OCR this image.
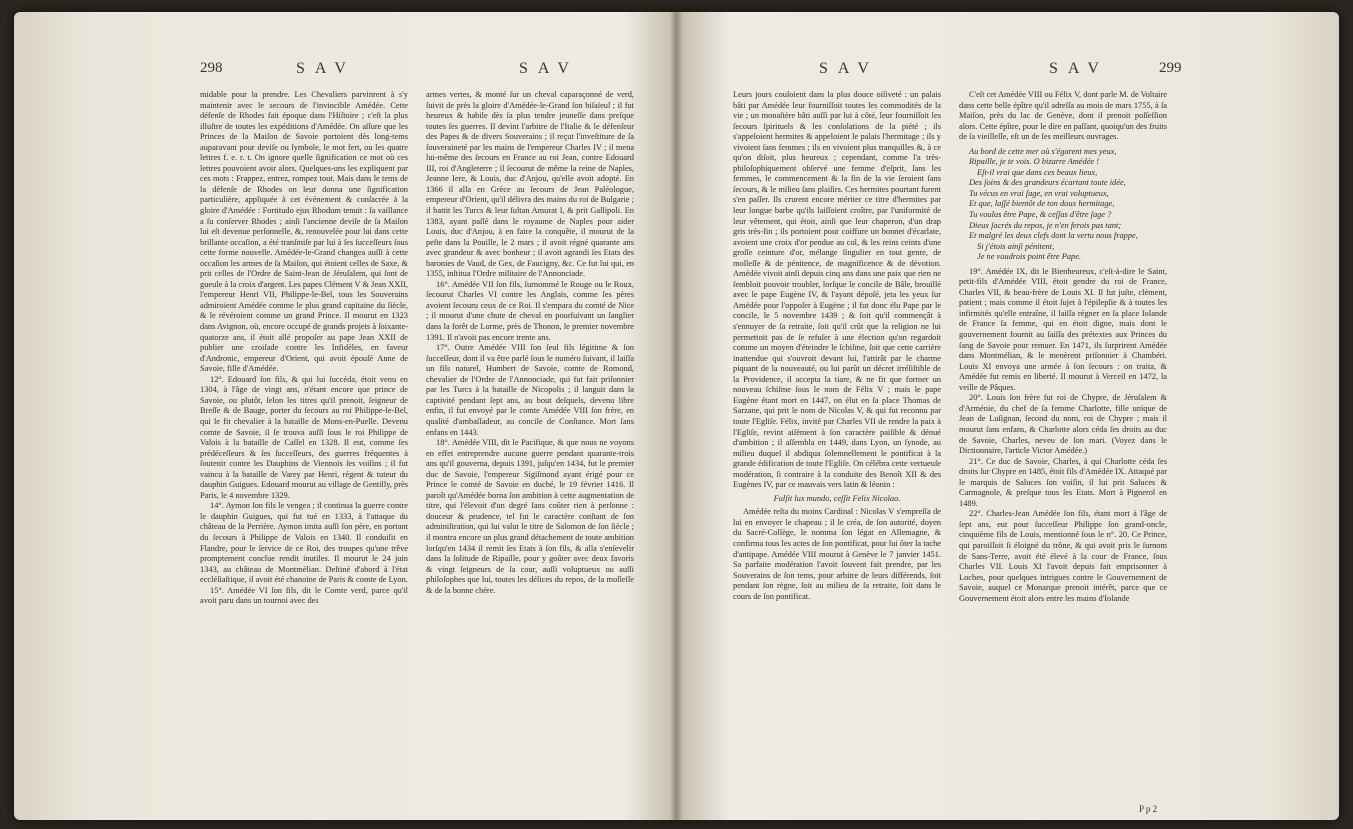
298	SAV	SAV

midable pour la prendre. Les Chevaliers parvinrent à s'y maintenir avec le secours de l'invincible Amédée. Cette défenſe de Rhodes fait époque dans l'Hiſtoire ; c'eſt la plus illuſtre de toutes les expéditions d'Amédée. On aſſure que les Princes de la Maiſon de Savoie portoient dès long-tems auparavant pour deviſe ou ſymbole, le mot fert, ou les quatre lettres f. e. r. t. On ignore quelle ſignification ce mot où ces lettres pouvoient avoir alors. Quelques-uns les expliquent par ces mots : Frappez, entrez, rompez tout. Mais dans le tems de la défenſe de Rhodes on leur donna une ſignification particulière, appliquée à cet événement & conſacrée à la gloire d'Amédée : Fortitudo ejus Rhodum tenuit : ſa vaillance a ſu conſerver Rhodes ; ainſi l'ancienne deviſe de ſa Maiſon lui eſt devenue perſonnelle, &, renouvelée pour lui dans cette brillante occaſion, a été tranſmiſe par lui à ſes ſucceſſeurs ſous cette forme nouvelle. Amédée-le-Grand changea auſſi à cette occaſion les armes de ſa Maiſon, qui étoient celles de Saxe, & prit celles de l'Ordre de Saint-Jean de Jéruſalem, qui ſont de gueule à la croix d'argent. Les papes Clément V & Jean XXII, l'empereur Henri VII, Philippe-le-Bel, tous les Souverains admiroient Amédée comme le plus grand capitaine du ſiècle, & le révéroient comme un grand Prince. Il mourut en 1323 dans Avignon, où, encore occupé de grands projets à ſoixante-quatorze ans, il étoit allé propoſer au pape Jean XXII de publier une croiſade contre les Infidèles, en faveur d'Andronic, empereur d'Orient, qui avoit épouſé Anne de Savoie, fille d'Amédée.

12°. Edouard ſon fils, & qui lui ſuccéda, étoit venu en 1304, à l'âge de vingt ans, n'étant encore que prince de Savoie, ou plutôt, ſelon les titres qu'il prenoit, ſeigneur de Breſſe & de Bauge, porter du ſecours au roi Philippe-le-Bel, qui le fit chevalier à la bataille de Mons-en-Puelle. Devenu comte de Savoie, il ſe trouva auſſi ſous le roi Philippe de Valois à la bataille de Caſſel en 1328. Il eut, comme ſes prédéceſſeurs & ſes ſucceſſeurs, des guerres fréquentes à ſoutenir contre les Dauphins de Viennois ſes voiſins ; il fut vaincu à la bataille de Varey par Henri, régent & tuteur du dauphin Guigues. Edouard mourut au village de Gentilly, près Paris, le 4 novembre 1329.

14°. Aymon ſon fils le vengea ; il continua la guerre contre le dauphin Guigues, qui fut tué en 1333, à l'attaque du château de la Perrière. Aymon imita auſſi ſon père, en portant du ſecours à Philippe de Valois en 1340. Il conduiſit en Flandre, pour le ſervice de ce Roi, des troupes qu'une trêve promptement conclue rendit inutiles. Il mourut le 24 juin 1343, au château de Montmélian. Deſtiné d'abord à l'état eccléſiaſtique, il avoit été chanoine de Paris & comte de Lyon.

15°. Amédée VI ſon fils, dit le Comte verd, parce qu'il avoit paru dans un tournoi avec des

armes vertes, & monté ſur un cheval caparaçonné de verd, ſuivit de près la gloire d'Amédée-le-Grand ſon biſaïeul ; il fut heureux & habile dès ſa plus tendre jeuneſſe dans preſque toutes ſes guerres. Il devint l'arbitre de l'Italie & le défenſeur des Papes & de divers Souverains ; il reçut l'inveſtiture de ſa ſouveraineté par les mains de l'empereur Charles IV ; il mena lui-même des ſecours en France au roi Jean, contre Edouard III, roi d'Angleterre ; il ſecourut de même la reine de Naples, Jeanne Iere, & Louis, duc d'Anjou, qu'elle avoit adopté. En 1366 il alla en Grèce au ſecours de Jean Paléologue, empereur d'Orient, qu'il délivra des mains du roi de Bulgarie ; il battit les Turcs & leur ſultan Amurat I, & prit Gallipoli. En 1383, ayant paſſé dans le royaume de Naples pour aider Louis, duc d'Anjou, à en faire la conquête, il mourut de la peſte dans la Pouille, le 2 mars ; il avoit régné quarante ans avec grandeur & avec bonheur ; il avoit agrandi ſes Etats des baronies de Vaud, de Gex, de Faucigny, &c. Ce fut lui qui, en 1355, inſtitua l'Ordre militaire de l'Annonciade.

16°. Amédée VII ſon fils, ſurnommé le Rouge ou le Roux, ſecourut Charles VI contre les Anglais, comme ſes pères avoient ſecouru ceux de ce Roi. Il s'empara du comté de Nice ; il mourut d'une chute de cheval en pourſuivant un ſanglier dans la forêt de Lorme, près de Thonon, le premier novembre 1391. Il n'avoit pas encore trente ans.

17°. Outre Amédée VIII ſon ſeul fils légitime & ſon ſucceſſeur, dont il va être parlé ſous le numéro ſuivant, il laiſſa un fils naturel, Humbert de Savoie, comte de Romond, chevalier de l'Ordre de l'Annonciade, qui fut fait priſonnier par les Turcs à la bataille de Nicopolis ; il languit dans la captivité pendant ſept ans, au bout deſquels, devenu libre enfin, il fut envoyé par le comte Amédée VIII ſon frère, en qualité d'ambaſſadeur, au concile de Conſtance. Mort ſans enfans en 1443.

18°. Amédée VIII, dit le Pacifique, & que nous ne voyons en effet entreprendre aucune guerre pendant quarante-trois ans qu'il gouverna, depuis 1391, juſqu'en 1434, fut le premier duc de Savoie, l'empereur Sigiſmond ayant érigé pour ce Prince le comté de Savoie en duché, le 19 février 1416. Il paroît qu'Amédée borna ſon ambition à cette augmentation de titre, qui l'élevoit d'un degré ſans coûter rien à perſonne : douceur & prudence, tel fut le caractère conſtant de ſon adminiſtration, qui lui valut le titre de Salomon de ſon ſiècle ; il montra encore un plus grand détachement de toute ambition lorſqu'en 1434 il remit ſes Etats à ſon fils, & alla s'enſevelir dans la ſolitude de Ripaille, pour y goûter avec deux favoris & vingt ſeigneurs de ſa cour, auſſi voluptueux ou auſſi philoſophes que lui, toutes les délices du repos, de la molleſſe & de la bonne chère.

SAV	SAV	299

Leurs jours couloient dans la plus douce oiſiveté : un palais bâti par Amédée leur fourniſſoit toutes les commodités de la vie ; un monaſtère bâti auſſi par lui à côté, leur fourniſſoit les ſecours ſpirituels & les conſolations de la piété ; ils s'appeloient hermites & appeloient le palais l'hermitage ; ils y vivoient ſans femmes ; ils en vivoient plus tranquilles &, à ce qu'on diſoit, plus heureux ; cependant, comme l'a très-philoſophiquement obſervé une femme d'eſprit, ſans les femmes, le commencement & la fin de la vie ſeroient ſans ſecours, & le milieu ſans plaiſirs. Ces hermites pourtant furent s'en paſſer. Ils crurent encore mériter ce titre d'hermites par leur longue barbe qu'ils laiſſoient croître, par l'uniformité de leur vêtement, qui étoit, ainſi que leur chaperon, d'un drap gris très-fin ; ils portoient pour coiffure un bonnet d'écarlate, avoient une croix d'or pendue au col, & les reins ceints d'une groſſe ceinture d'or, mélange ſingulier en tout genre, de molleſſe & de pénitence, de magnificence & de dévotion. Amédée vivoit ainſi depuis cinq ans dans une paix que rien ne ſembloit pouvoir troubler, lorſque le concile de Bâle, brouillé avec le pape Eugène IV, & l'ayant dépoſé, jeta les yeux ſur Amédée pour l'oppoſer à Eugène ; il fut donc élu Pape par le concile, le 5 novembre 1439 ; & ſoit qu'il commençât à s'ennuyer de ſa retraite, ſoit qu'il crût que la religion ne lui permettoit pas de ſe refuſer à une élection qu'on regardoit comme un moyen d'éteindre le ſchiſme, ſoit que cette carrière inattendue qui s'ouvroit devant lui, l'attirât par le charme piquant de la nouveauté, ou lui parût un décret irréſiſtible de la Providence, il accepta la tiare, & ne fit que former un nouveau ſchiſme ſous le nom de Félix V ; mais le pape Eugène étant mort en 1447, on élut en ſa place Thomas de Sarzane, qui prit le nom de Nicolas V, & qui fut reconnu par toute l'Egliſe. Félix, invité par Charles VII de rendre la paix à l'Egliſe, revint aiſément à ſon caractère paiſible & dénué d'ambition ; il aſſembla en 1449, dans Lyon, un ſynode, au milieu duquel il abdiqua ſolemnellement le pontificat à la grande édification de toute l'Egliſe. On célébra cette vertueuſe modération, ſi contraire à la conduite des Benoît XII & des Eugènes IV, par ce mauvais vers latin & léonin :

Fulſit lux mundo, ceſſit Felix Nicolao.

Amédée reſta du moins Cardinal : Nicolas V s'empreſſa de lui en envoyer le chapeau ; il le créa, de ſon autorité, doyen du Sacré-Collège, le nomma ſon légat en Allemagne, & confirma tous les actes de ſon pontificat, pour lui ôter la tache d'antipape. Amédée VIII mourut à Genève le 7 janvier 1451. Sa parfaite modération l'avoit ſouvent fait prendre, par les Souverains de ſon tems, pour arbitre de leurs différends, ſoit pendant ſon règne, ſoit au milieu de ſa retraite, ſoit dans le cours de ſon pontificat.

C'eſt cet Amédée VIII ou Félix V, dont parle M. de Voltaire dans cette belle épître qu'il adreſſa au mois de mars 1755, à ſa Maiſon, près du lac de Genève, dont il prenoit poſſeſſion alors. Cette épître, pour le dire en paſſant, quoiqu'un des fruits de ſa vieilleſſe, eſt un de ſes meilleurs ouvrages.

Au bord de cette mer où s'égarent mes yeux,
Ripaille, je te vois. O bizarre Amédée !
Eſt-il vrai que dans ces beaux lieux,
Des ſoins & des grandeurs écartant toute idée,
Tu vécus en vrai ſage, en vrai voluptueux,
Et que, laſſé bientôt de ton doux hermitage,
Tu voulus être Pape, & ceſſas d'être ſage ?
Dieux ſacrés du repos, je n'en ferois pas tant;
Et malgré les deux clefs dont la vertu nous frappe,
Si j'étois ainſi pénitent,
Je ne voudrois point être Pape.

19°. Amédée IX, dit le Bienheureux, c'eſt-à-dire le Saint, petit-fils d'Amédée VIII, étoit gendre du roi de France, Charles VII, & beau-frère de Louis XI. Il fut juſte, clément, patient ; mais comme il étoit ſujet à l'épilepſie & à toutes les infirmités qu'elle entraîne, il laiſſa régner en ſa place Iolande de France ſa femme, qui en étoit digne, mais dont le gouvernement fournit au ſaiſſa des prétextes aux Princes du ſang de Savoie pour remuer. En 1471, ils ſurprirent Amédée dans Montmélian, & le menèrent priſonnier à Chambéri. Louis XI envoya une armée à ſon ſecours : on traita, & Amédée fut remis en liberté. Il mourut à Verceil en 1472, la veille de Pâques.

20°. Louis ſon frère fut roi de Chypre, de Jéruſalem & d'Arménie, du chef de ſa femme Charlotte, fille unique de Jean de Luſignan, ſecond du nom, roi de Chypre ; mais il mourut ſans enfans, & Charlotte alors céda ſes droits au duc de Savoie, Charles, neveu de ſon mari. (Voyez dans le Dictionnaire, l'article Victor Amédée.)

21°. Ce duc de Savoie, Charles, à qui Charlotte céda ſes droits ſur Chypre en 1485, étoit fils d'Amédée IX. Attaqué par le marquis de Saluces ſon voiſin, il lui prit Saluces & Carmagnole, & preſque tous ſes Etats. Mort à Pignerol en 1489.

22°. Charles-Jean Amédée ſon fils, étant mort à l'âge de ſept ans, eut pour ſucceſſeur Philippe ſon grand-oncle, cinquième fils de Louis, mentionné ſous le n°. 20. Ce Prince, qui paroiſſoit ſi éloigné du trône, & qui avoit pris le ſurnom de Sans-Terre, avoit été élevé à la cour de France, ſous Charles VII. Louis XI l'avoit depuis fait emprisonner à Loches, pour quelques intrigues contre le Gouvernement de Savoie, auquel ce Monarque prenoit intérêt, parce que ce Gouvernement étoit alors entre les mains d'Iolande

P p 2
